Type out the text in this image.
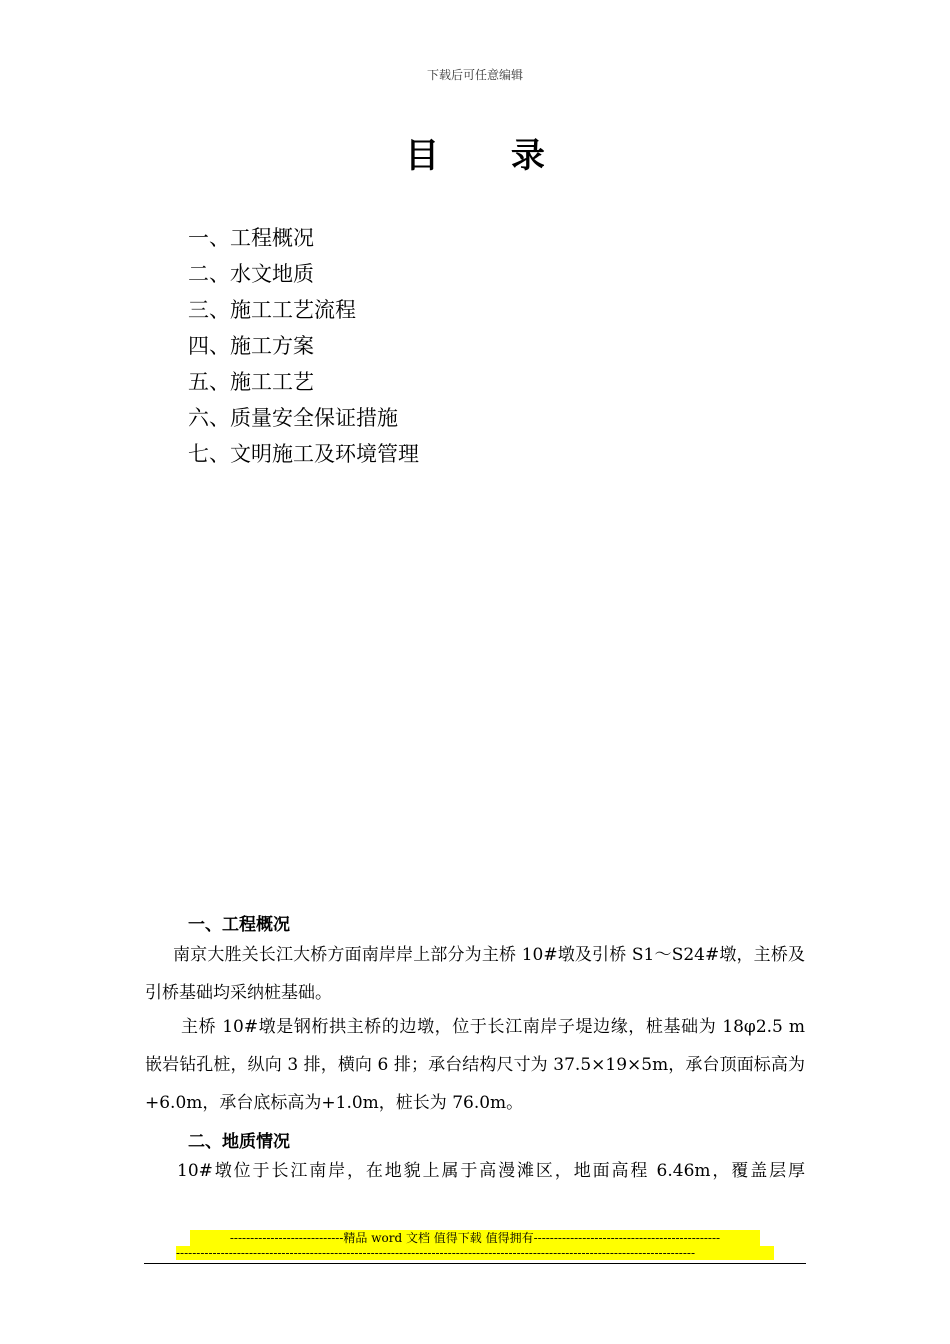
下载后可任意编辑
目 录
一、工程概况
二、水文地质
三、施工工艺流程
四、施工方案
五、施工工艺
六、质量安全保证措施
七、文明施工及环境管理
一、工程概况

南京大胜关长江大桥方面南岸岸上部分为主桥 10#墩及引桥 S1～S24#墩，主桥及引桥基础均采纳桩基础。

主桥 10#墩是钢桁拱主桥的边墩，位于长江南岸子堤边缘，桩基础为 18φ2.5 m 嵌岩钻孔桩，纵向 3 排，横向 6 排；承台结构尺寸为 37.5×19×5m，承台顶面标高为+6.0m，承台底标高为+1.0m，桩长为 76.0m。

二、地质情况

10#墩位于长江南岸，在地貌上属于高漫滩区，地面高程 6.46m，覆盖层厚

----------------------------精品 word 文档 值得下载 值得拥有----------------------------------------------
--------------------------------------------------------------------------------------------------------------------------------
